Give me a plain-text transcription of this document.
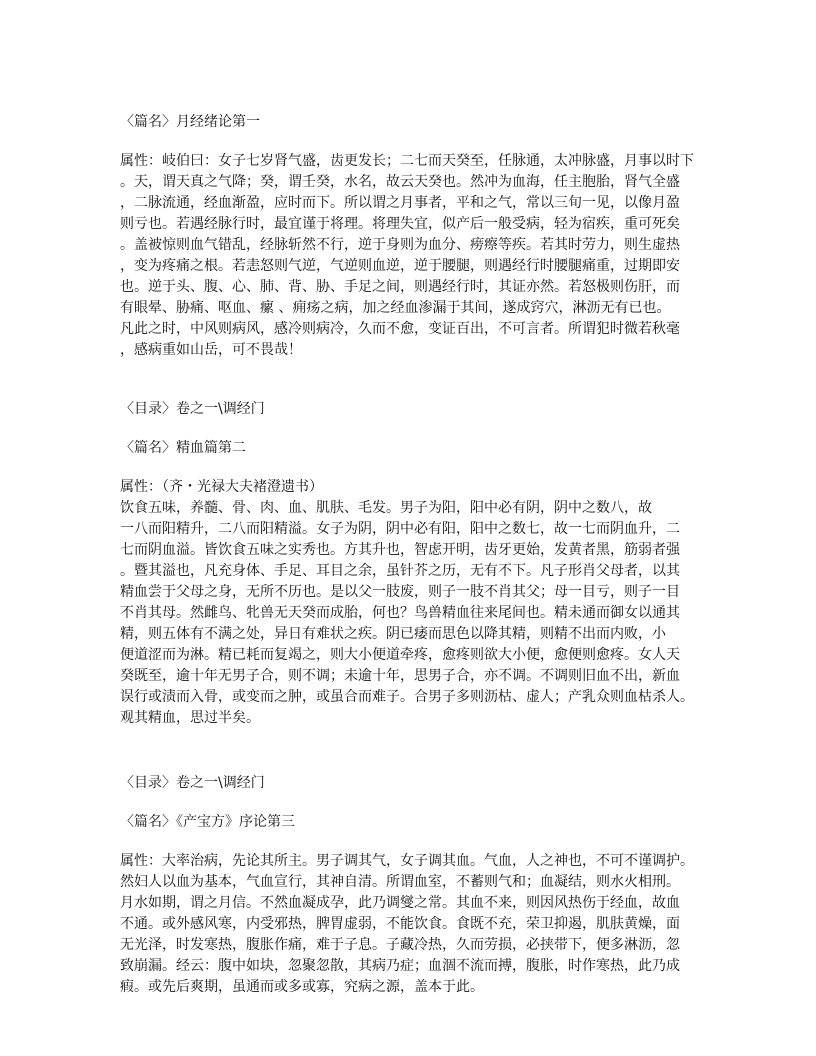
〈篇名〉月经绪论第一
属性：岐伯曰：女子七岁肾气盛，齿更发长；二七而天癸至，任脉通，太冲脉盛，月事以时下
。天，谓天真之气降；癸，谓壬癸，水名，故云天癸也。然冲为血海，任主胞胎，肾气全盛
，二脉流通，经血渐盈，应时而下。所以谓之月事者，平和之气，常以三旬一见，以像月盈
则亏也。若遇经脉行时，最宜谨于将理。将理失宜，似产后一般受病，轻为宿疾，重可死矣
。盖被惊则血气错乱，经脉斩然不行，逆于身则为血分、痨瘵等疾。若其时劳力，则生虚热
，变为疼痛之根。若恚怒则气逆，气逆则血逆，逆于腰腿，则遇经行时腰腿痛重，过期即安
也。逆于头、腹、心、肺、背、胁、手足之间，则遇经行时，其证亦然。若怒极则伤肝，而
有眼晕、胁痛、呕血、瘰 、痈疡之病，加之经血渗漏于其间，遂成窍穴，淋沥无有已也。
凡此之时，中风则病风，感冷则病冷，久而不愈，变证百出，不可言者。所谓犯时微若秋毫
，感病重如山岳，可不畏哉！
〈目录〉卷之一\调经门
〈篇名〉精血篇第二
属性：（齐・光禄大夫褚澄遗书）
饮食五味，养髓、骨、肉、血、肌肤、毛发。男子为阳，阳中必有阴，阴中之数八，故
一八而阳精升，二八而阳精溢。女子为阴，阴中必有阳，阳中之数七，故一七而阴血升，二
七而阴血溢。皆饮食五味之实秀也。方其升也，智虑开明，齿牙更始，发黄者黑，筋弱者强
。暨其溢也，凡充身体、手足、耳目之余，虽针芥之历，无有不下。凡子形肖父母者，以其
精血尝于父母之身，无所不历也。是以父一肢废，则子一肢不肖其父；母一目亏，则子一目
不肖其母。然雌鸟、牝兽无天癸而成胎，何也？鸟兽精血往来尾间也。精未通而御女以通其
精，则五体有不满之处，异日有难状之疾。阴已痿而思色以降其精，则精不出而内败，小
便道涩而为淋。精已耗而复竭之，则大小便道牵疼，愈疼则欲大小便，愈便则愈疼。女人天
癸既至，逾十年无男子合，则不调；未逾十年，思男子合，亦不调。不调则旧血不出，新血
误行或渍而入骨，或变而之肿，或虽合而难子。合男子多则沥枯、虚人；产乳众则血枯杀人。
观其精血，思过半矣。
〈目录〉卷之一\调经门
〈篇名〉《产宝方》序论第三
属性：大率治病，先论其所主。男子调其气，女子调其血。气血，人之神也，不可不谨调护。
然妇人以血为基本，气血宣行，其神自清。所谓血室，不蓄则气和；血凝结，则水火相刑。
月水如期，谓之月信。不然血凝成孕，此乃调燮之常。其血不来，则因风热伤于经血，故血
不通。或外感风寒，内受邪热，脾胃虚弱，不能饮食。食既不充，荣卫抑遏，肌肤黄燥，面
无光泽，时发寒热，腹胀作痛，难于子息。子藏冷热，久而劳损，必挟带下，便多淋沥，忽
致崩漏。经云：腹中如块，忽聚忽散，其病乃症；血涸不流而搏，腹胀，时作寒热，此乃成
瘕。或先后爽期，虽通而或多或寡，究病之源，盖本于此。
